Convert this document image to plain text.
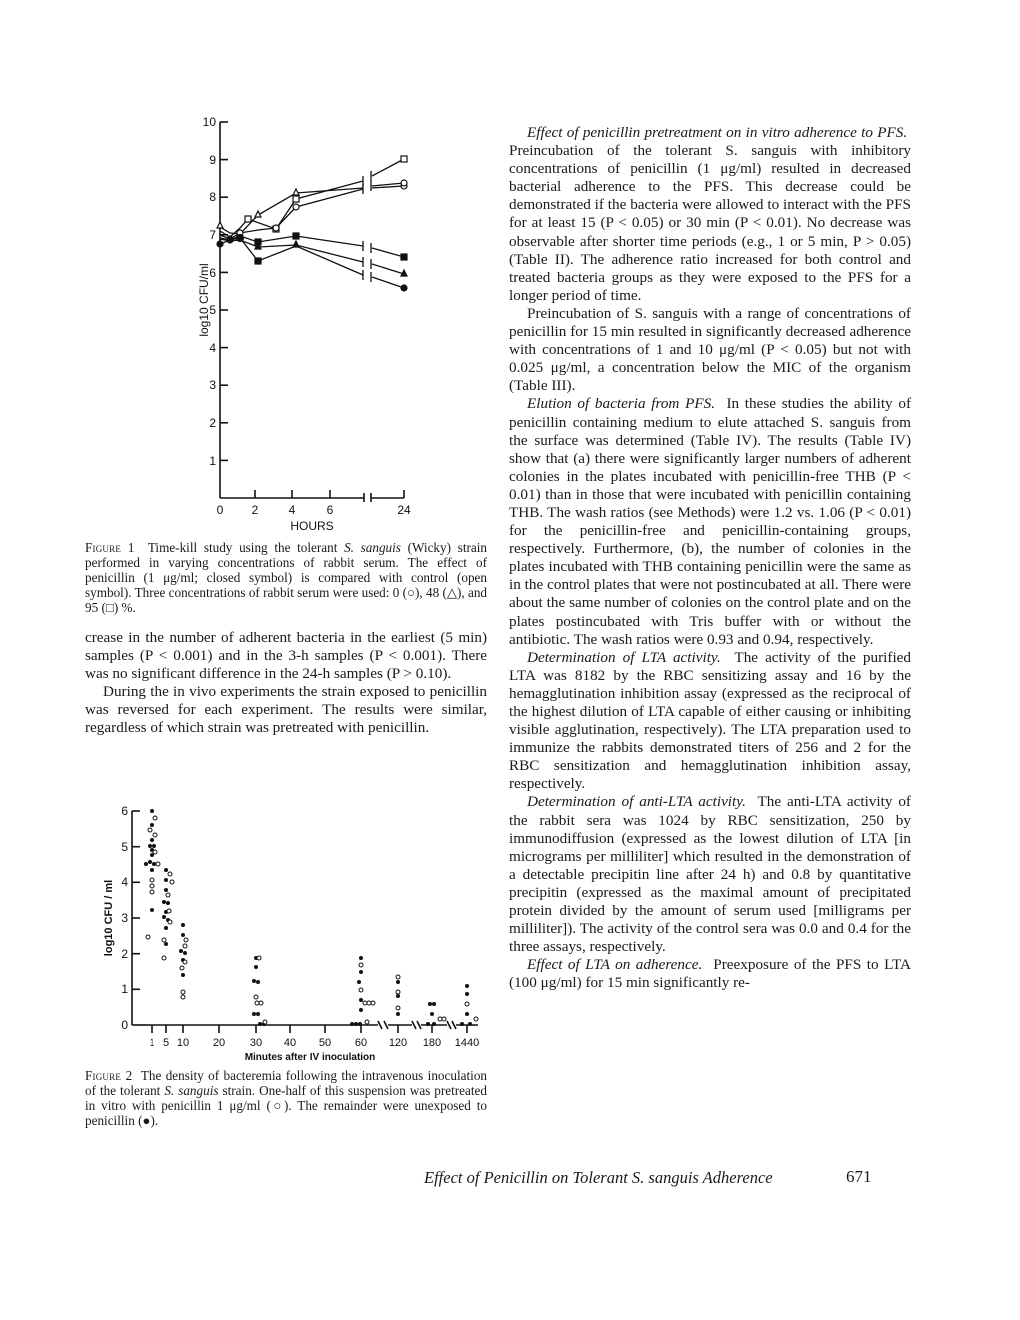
10
9
8
7
6
5
4
3
2
1
0 2	4	6	24
HOURS
log10 CFU/ml
Figure 1 Time-kill study using the tolerant S. sanguis (Wicky) strain performed in varying concentrations of rabbit serum. The effect of penicillin (1 μg/ml; closed symbol) is compared with control (open symbol). Three concentrations of rabbit serum were used: 0 (○), 48 (△), and 95 (□) %.

crease in the number of adherent bacteria in the earliest (5 min) samples (P < 0.001) and in the 3-h samples (P < 0.001). There was no significant difference in the 24-h samples (P > 0.10).

During the in vivo experiments the strain exposed to penicillin was reversed for each experiment. The results were similar, regardless of which strain was pretreated with penicillin.

6
5
4
3
2
1
0
1 5 10 20 30 40 50 60 120 180 1440
Minutes after IV inoculation
log10 CFU / ml
Figure 2 The density of bacteremia following the intravenous inoculation of the tolerant S. sanguis strain. One-half of this suspension was pretreated in vitro with penicillin 1 μg/ml (○). The remainder were unexposed to penicillin (●).

Effect of penicillin pretreatment on in vitro adherence to PFS.  Preincubation of the tolerant S. sanguis with inhibitory concentrations of penicillin (1 μg/ml) resulted in decreased bacterial adherence to the PFS. This decrease could be demonstrated if the bacteria were allowed to interact with the PFS for at least 15 (P < 0.05) or 30 min (P < 0.01). No decrease was observable after shorter time periods (e.g., 1 or 5 min, P > 0.05) (Table II). The adherence ratio increased for both control and treated bacteria groups as they were exposed to the PFS for a longer period of time.

Preincubation of S. sanguis with a range of concentrations of penicillin for 15 min resulted in significantly decreased adherence with concentrations of 1 and 10 μg/ml (P < 0.05) but not with 0.025 μg/ml, a concentration below the MIC of the organism (Table III).

Elution of bacteria from PFS. In these studies the ability of penicillin containing medium to elute attached S. sanguis from the surface was determined (Table IV). The results (Table IV) show that (a) there were significantly larger numbers of adherent colonies in the plates incubated with penicillin-free THB (P < 0.01) than in those that were incubated with penicillin containing THB. The wash ratios (see Methods) were 1.2 vs. 1.06 (P < 0.01) for the penicillin-free and penicillin-containing groups, respectively. Furthermore, (b), the number of colonies in the plates incubated with THB containing penicillin were the same as in the control plates that were not postincubated at all. There were about the same number of colonies on the control plate and on the plates postincubated with Tris buffer with or without the antibiotic. The wash ratios were 0.93 and 0.94, respectively.

Determination of LTA activity. The activity of the purified LTA was 8182 by the RBC sensitizing assay and 16 by the hemagglutination inhibition assay (expressed as the reciprocal of the highest dilution of LTA capable of either causing or inhibiting visible agglutination, respectively). The LTA preparation used to immunize the rabbits demonstrated titers of 256 and 2 for the RBC sensitization and hemagglutination inhibition assay, respectively.

Determination of anti-LTA activity. The anti-LTA activity of the rabbit sera was 1024 by RBC sensitization, 250 by immunodiffusion (expressed as the lowest dilution of LTA [in micrograms per milliliter] which resulted in the demonstration of a detectable precipitin line after 24 h) and 0.8 by quantitative precipitin (expressed as the maximal amount of precipitated protein divided by the amount of serum used [milligrams per milliliter]). The activity of the control sera was 0.0 and 0.4 for the three assays, respectively.

Effect of LTA on adherence. Preexposure of the PFS to LTA (100 μg/ml) for 15 min significantly re-

Effect of Penicillin on Tolerant S. sanguis Adherence	671
